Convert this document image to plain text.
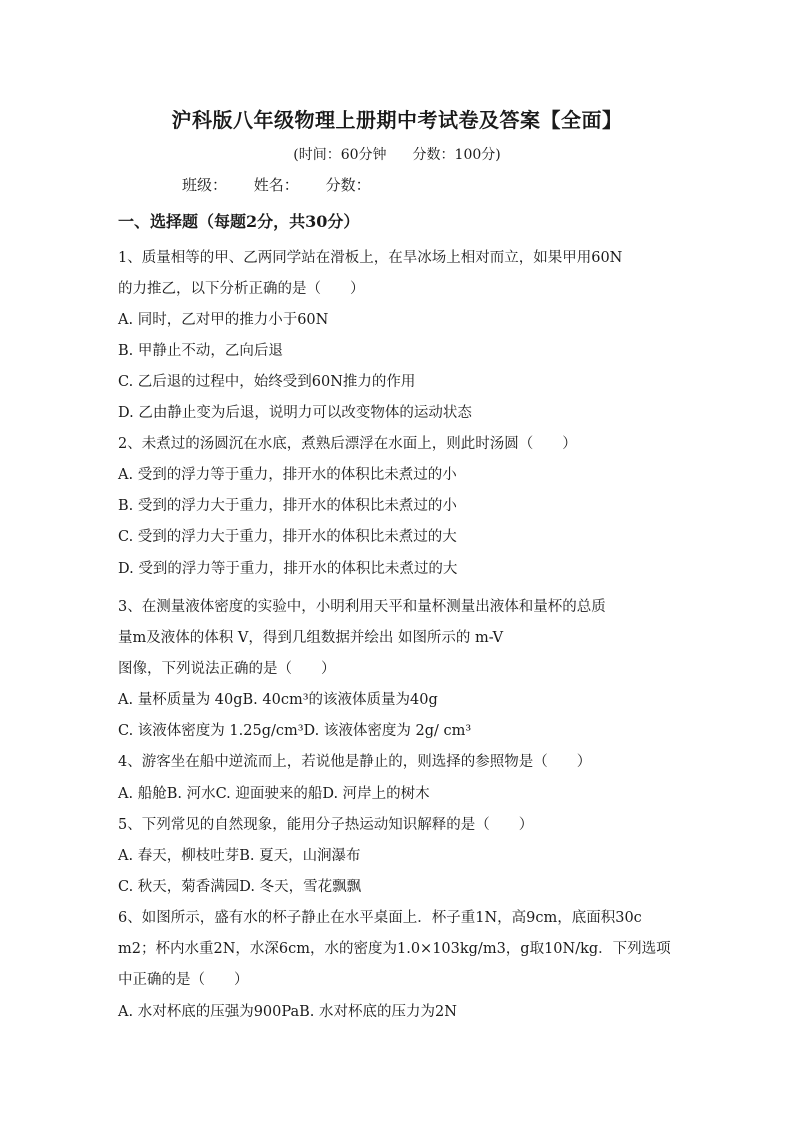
沪科版八年级物理上册期中考试卷及答案【全面】
(时间：60分钟 分数：100分)
班级： 姓名： 分数：
一、选择题（每题2分，共30分）
1、质量相等的甲、乙两同学站在滑板上，在旱冰场上相对而立，如果甲用60N
的力推乙，以下分析正确的是（　　）
A. 同时，乙对甲的推力小于60N
B. 甲静止不动，乙向后退
C. 乙后退的过程中，始终受到60N推力的作用
D. 乙由静止变为后退，说明力可以改变物体的运动状态
2、未煮过的汤圆沉在水底，煮熟后漂浮在水面上，则此时汤圆（　　）
A. 受到的浮力等于重力，排开水的体积比未煮过的小
B. 受到的浮力大于重力，排开水的体积比未煮过的小
C. 受到的浮力大于重力，排开水的体积比未煮过的大
D. 受到的浮力等于重力，排开水的体积比未煮过的大
3、在测量液体密度的实验中，小明利用天平和量杯测量出液体和量杯的总质
量m及液体的体积 V，得到几组数据并绘出 如图所示的 m-V
图像，下列说法正确的是（　　）
A. 量杯质量为 40gB. 40cm³的该液体质量为40g
C. 该液体密度为 1.25g/cm³D. 该液体密度为 2g/ cm³
4、游客坐在船中逆流而上，若说他是静止的，则选择的参照物是（　　）
A. 船舱B. 河水C. 迎面驶来的船D. 河岸上的树木
5、下列常见的自然现象，能用分子热运动知识解释的是（　　）
A. 春天，柳枝吐芽B. 夏天，山涧瀑布
C. 秋天，菊香满园D. 冬天，雪花飘飘
6、如图所示，盛有水的杯子静止在水平桌面上．杯子重1N，高9cm，底面积30c
m2；杯内水重2N，水深6cm，水的密度为1.0×103kg/m3，g取10N/kg．下列选项
中正确的是（　　）
A. 水对杯底的压强为900PaB. 水对杯底的压力为2N
